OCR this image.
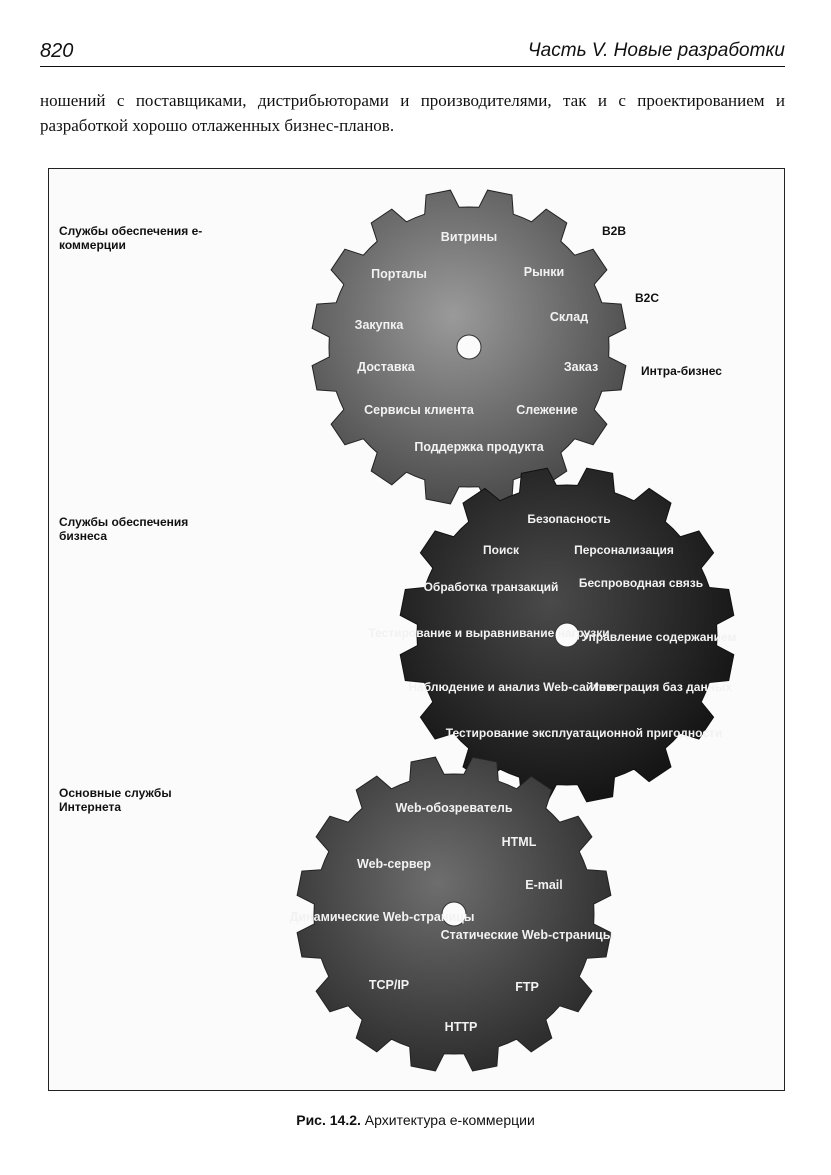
820	Часть V. Новые разработки
ношений с поставщиками, дистрибьюторами и производителями, так и с проектированием и разработкой хорошо отлаженных бизнес-планов.
Витрины
Рынки
Порталы
Склад
Закупка
Заказ
Доставка
Сервисы клиента	Слежение
Поддержка продукта
Безопасность
Поиск	Персонализация
Обработка транзакций Беспроводная связь
Тестирование и выравнивание нагрузки
Управление содержанием
Наблюдение и анализ Web-сайтов
Интеграция баз данных
Тестирование эксплуатационной пригодности
Web-обозреватель
HTML
Web-сервер
E-mail
Динамические Web-страницы
Статические Web-страницы
TCP/IP	FTP
HTTP
Службы обеспечения е-коммерции
Службы обеспечения бизнеса
Основные службы Интернета
B2B
B2C
Интра-бизнес
Рис. 14.2. Архитектура е-коммерции
